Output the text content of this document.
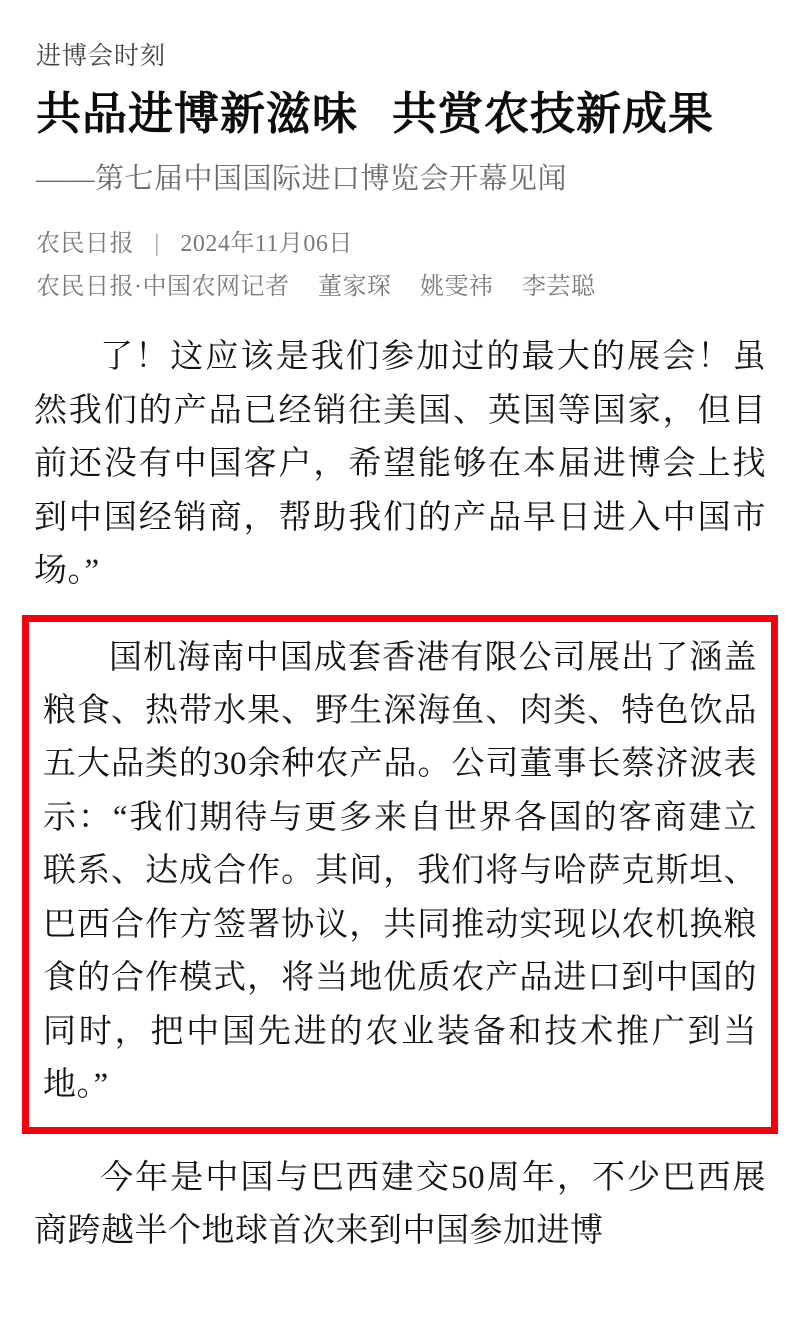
进博会时刻
共品进博新滋味 共赏农技新成果
——第七届中国国际进口博览会开幕见闻
农民日报 | 2024年11月06日
农民日报·中国农网记者 董家琛 姚雯祎 李芸聪

了！这应该是我们参加过的最大的展会！虽然我们的产品已经销往美国、英国等国家，但目前还没有中国客户，希望能够在本届进博会上找到中国经销商，帮助我们的产品早日进入中国市场。”

国机海南中国成套香港有限公司展出了涵盖粮食、热带水果、野生深海鱼、肉类、特色饮品五大品类的30余种农产品。公司董事长蔡济波表示：“我们期待与更多来自世界各国的客商建立联系、达成合作。其间，我们将与哈萨克斯坦、巴西合作方签署协议，共同推动实现以农机换粮食的合作模式，将当地优质农产品进口到中国的同时，把中国先进的农业装备和技术推广到当地。”

今年是中国与巴西建交50周年，不少巴西展商跨越半个地球首次来到中国参加进博
